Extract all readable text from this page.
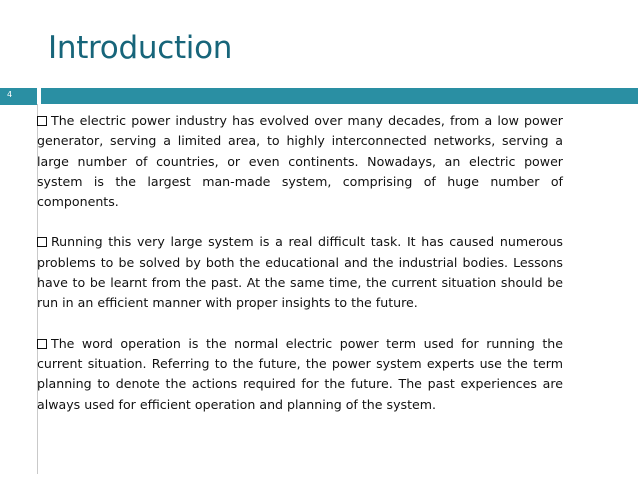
Introduction
4

The electric power industry has evolved over many decades, from a low power generator, serving a limited area, to highly interconnected networks, serving a large number of countries, or even continents. Nowadays, an electric power system is the largest man-made system, comprising of huge number of components.

Running this very large system is a real difficult task. It has caused numerous problems to be solved by both the educational and the industrial bodies. Lessons have to be learnt from the past. At the same time, the current situation should be run in an efficient manner with proper insights to the future.

The word operation is the normal electric power term used for running the current situation. Referring to the future, the power system experts use the term planning to denote the actions required for the future. The past experiences are always used for efficient operation and planning of the system.
